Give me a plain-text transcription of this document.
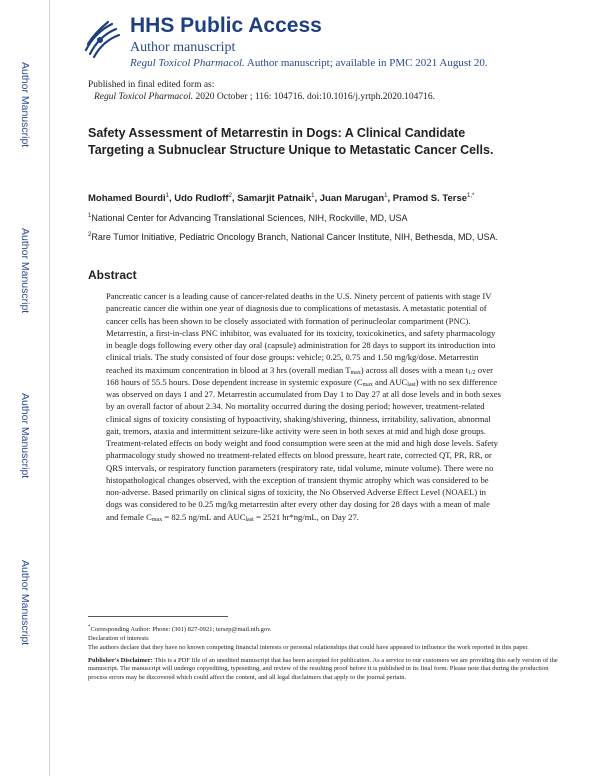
Author Manuscript
Author Manuscript
Author Manuscript
Author Manuscript
HHS Public Access
Author manuscript
Regul Toxicol Pharmacol. Author manuscript; available in PMC 2021 August 20.
Published in final edited form as:
Regul Toxicol Pharmacol. 2020 October ; 116: 104716. doi:10.1016/j.yrtph.2020.104716.
Safety Assessment of Metarrestin in Dogs: A Clinical Candidate Targeting a Subnuclear Structure Unique to Metastatic Cancer Cells.
Mohamed Bourdi$^1$, Udo Rudloff$^2$, Samarjit Patnaik$^1$, Juan Marugan$^1$, Pramod S. Terse$^{1,*}$
$^1$National Center for Advancing Translational Sciences, NIH, Rockville, MD, USA
$^2$Rare Tumor Initiative, Pediatric Oncology Branch, National Cancer Institute, NIH, Bethesda, MD, USA.
Abstract
Pancreatic cancer is a leading cause of cancer-related deaths in the U.S. Ninety percent of patients with stage IV pancreatic cancer die within one year of diagnosis due to complications of metastasis. A metastatic potential of cancer cells has been shown to be closely associated with formation of perinucleolar compartment (PNC). Metarrestin, a first-in-class PNC inhibitor, was evaluated for its toxicity, toxicokinetics, and safety pharmacology in beagle dogs following every other day oral (capsule) administration for 28 days to support its introduction into clinical trials. The study consisted of four dose groups: vehicle; 0.25, 0.75 and 1.50 mg/kg/dose. Metarrestin reached its maximum concentration in blood at 3 hrs (overall median $T_{max}$) across all doses with a mean $t_{1/2}$ over 168 hours of 55.5 hours. Dose dependent increase in systemic exposure ($C_{max}$ and $AUC_{last}$) with no sex difference was observed on days 1 and 27. Metarrestin accumulated from Day 1 to Day 27 at all dose levels and in both sexes by an overall factor of about 2.34. No mortality occurred during the dosing period; however, treatment-related clinical signs of toxicity consisting of hypoactivity, shaking/shivering, thinness, irritability, salivation, abnormal gait, tremors, ataxia and intermittent seizure-like activity were seen in both sexes at mid and high dose groups. Treatment-related effects on body weight and food consumption were seen at the mid and high dose levels. Safety pharmacology study showed no treatment-related effects on blood pressure, heart rate, corrected QT, PR, RR, or QRS intervals, or respiratory function parameters (respiratory rate, tidal volume, minute volume). There were no histopathological changes observed, with the exception of transient thymic atrophy which was considered to be non-adverse. Based primarily on clinical signs of toxicity, the No Observed Adverse Effect Level (NOAEL) in dogs was considered to be 0.25 mg/kg metarrestin after every other day dosing for 28 days with a mean of male and female $C_{max} = 82.5$ ng/mL and $AUC_{last} = 2521$ hr*ng/mL, on Day 27.
*Corresponding Author: Phone: (301) 827-0921; tersep@mail.nih.gov.
Declaration of interests
The authors declare that they have no known competing financial interests or personal relationships that could have appeared to influence the work reported in this paper.
Publisher's Disclaimer: This is a PDF file of an unedited manuscript that has been accepted for publication. As a service to our customers we are providing this early version of the manuscript. The manuscript will undergo copyediting, typesetting, and review of the resulting proof before it is published in its final form. Please note that during the production process errors may be discovered which could affect the content, and all legal disclaimers that apply to the journal pertain.
